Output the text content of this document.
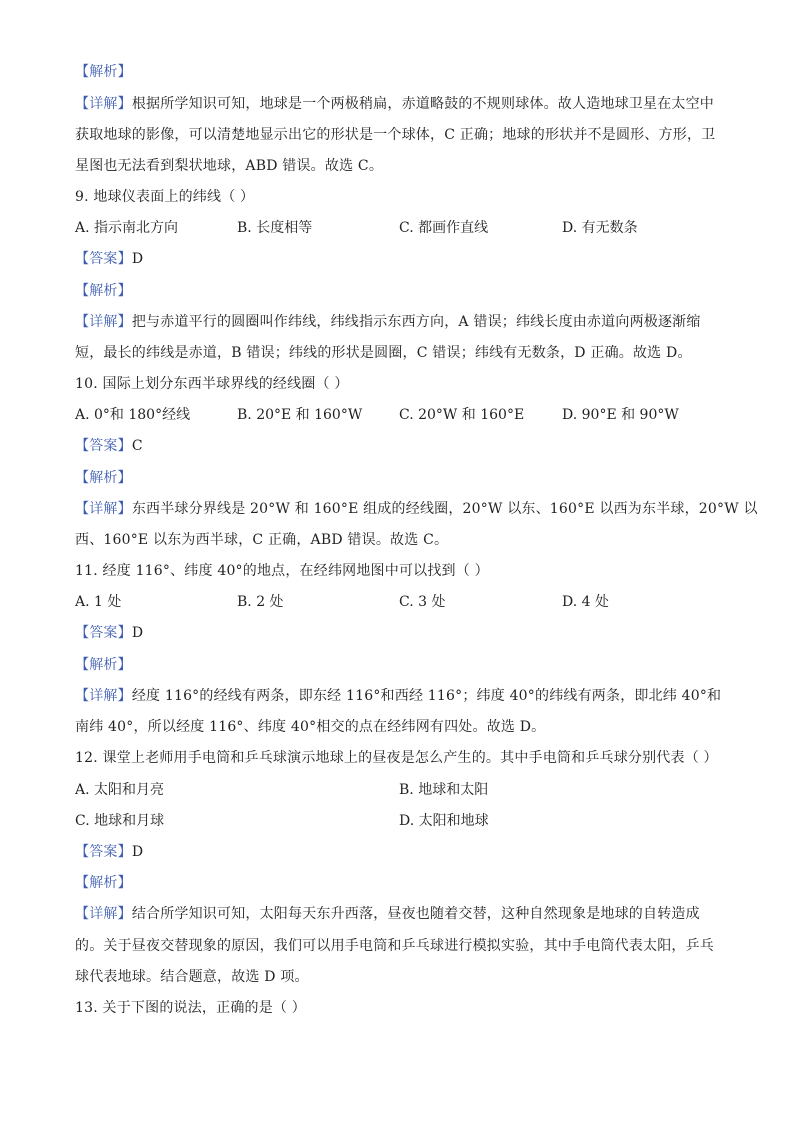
【解析】
【详解】根据所学知识可知，地球是一个两极稍扁，赤道略鼓的不规则球体。故人造地球卫星在太空中
获取地球的影像，可以清楚地显示出它的形状是一个球体，C 正确；地球的形状并不是圆形、方形，卫
星图也无法看到梨状地球，ABD 错误。故选 C。
9. 地球仪表面上的纬线（ ）
A. 指示南北方向	B. 长度相等	C. 都画作直线	D. 有无数条
【答案】D
【解析】
【详解】把与赤道平行的圆圈叫作纬线，纬线指示东西方向，A 错误；纬线长度由赤道向两极逐渐缩
短，最长的纬线是赤道，B 错误；纬线的形状是圆圈，C 错误；纬线有无数条，D 正确。故选 D。
10. 国际上划分东西半球界线的经线圈（ ）
A. 0°和 180°经线	B. 20°E 和 160°W	C. 20°W 和 160°E	D. 90°E 和 90°W
【答案】C
【解析】
【详解】东西半球分界线是 20°W 和 160°E 组成的经线圈，20°W 以东、160°E 以西为东半球，20°W 以
西、160°E 以东为西半球，C 正确，ABD 错误。故选 C。
11. 经度 116°、纬度 40°的地点，在经纬网地图中可以找到（ ）
A. 1 处	B. 2 处	C. 3 处	D. 4 处
【答案】D
【解析】
【详解】经度 116°的经线有两条，即东经 116°和西经 116°；纬度 40°的纬线有两条，即北纬 40°和
南纬 40°，所以经度 116°、纬度 40°相交的点在经纬网有四处。故选 D。
12. 课堂上老师用手电筒和乒乓球演示地球上的昼夜是怎么产生的。其中手电筒和乒乓球分别代表（ ）
A. 太阳和月亮	B. 地球和太阳
C. 地球和月球	D. 太阳和地球
【答案】D
【解析】
【详解】结合所学知识可知，太阳每天东升西落，昼夜也随着交替，这种自然现象是地球的自转造成
的。关于昼夜交替现象的原因，我们可以用手电筒和乒乓球进行模拟实验，其中手电筒代表太阳，乒乓
球代表地球。结合题意，故选 D 项。
13. 关于下图的说法，正确的是（ ）
